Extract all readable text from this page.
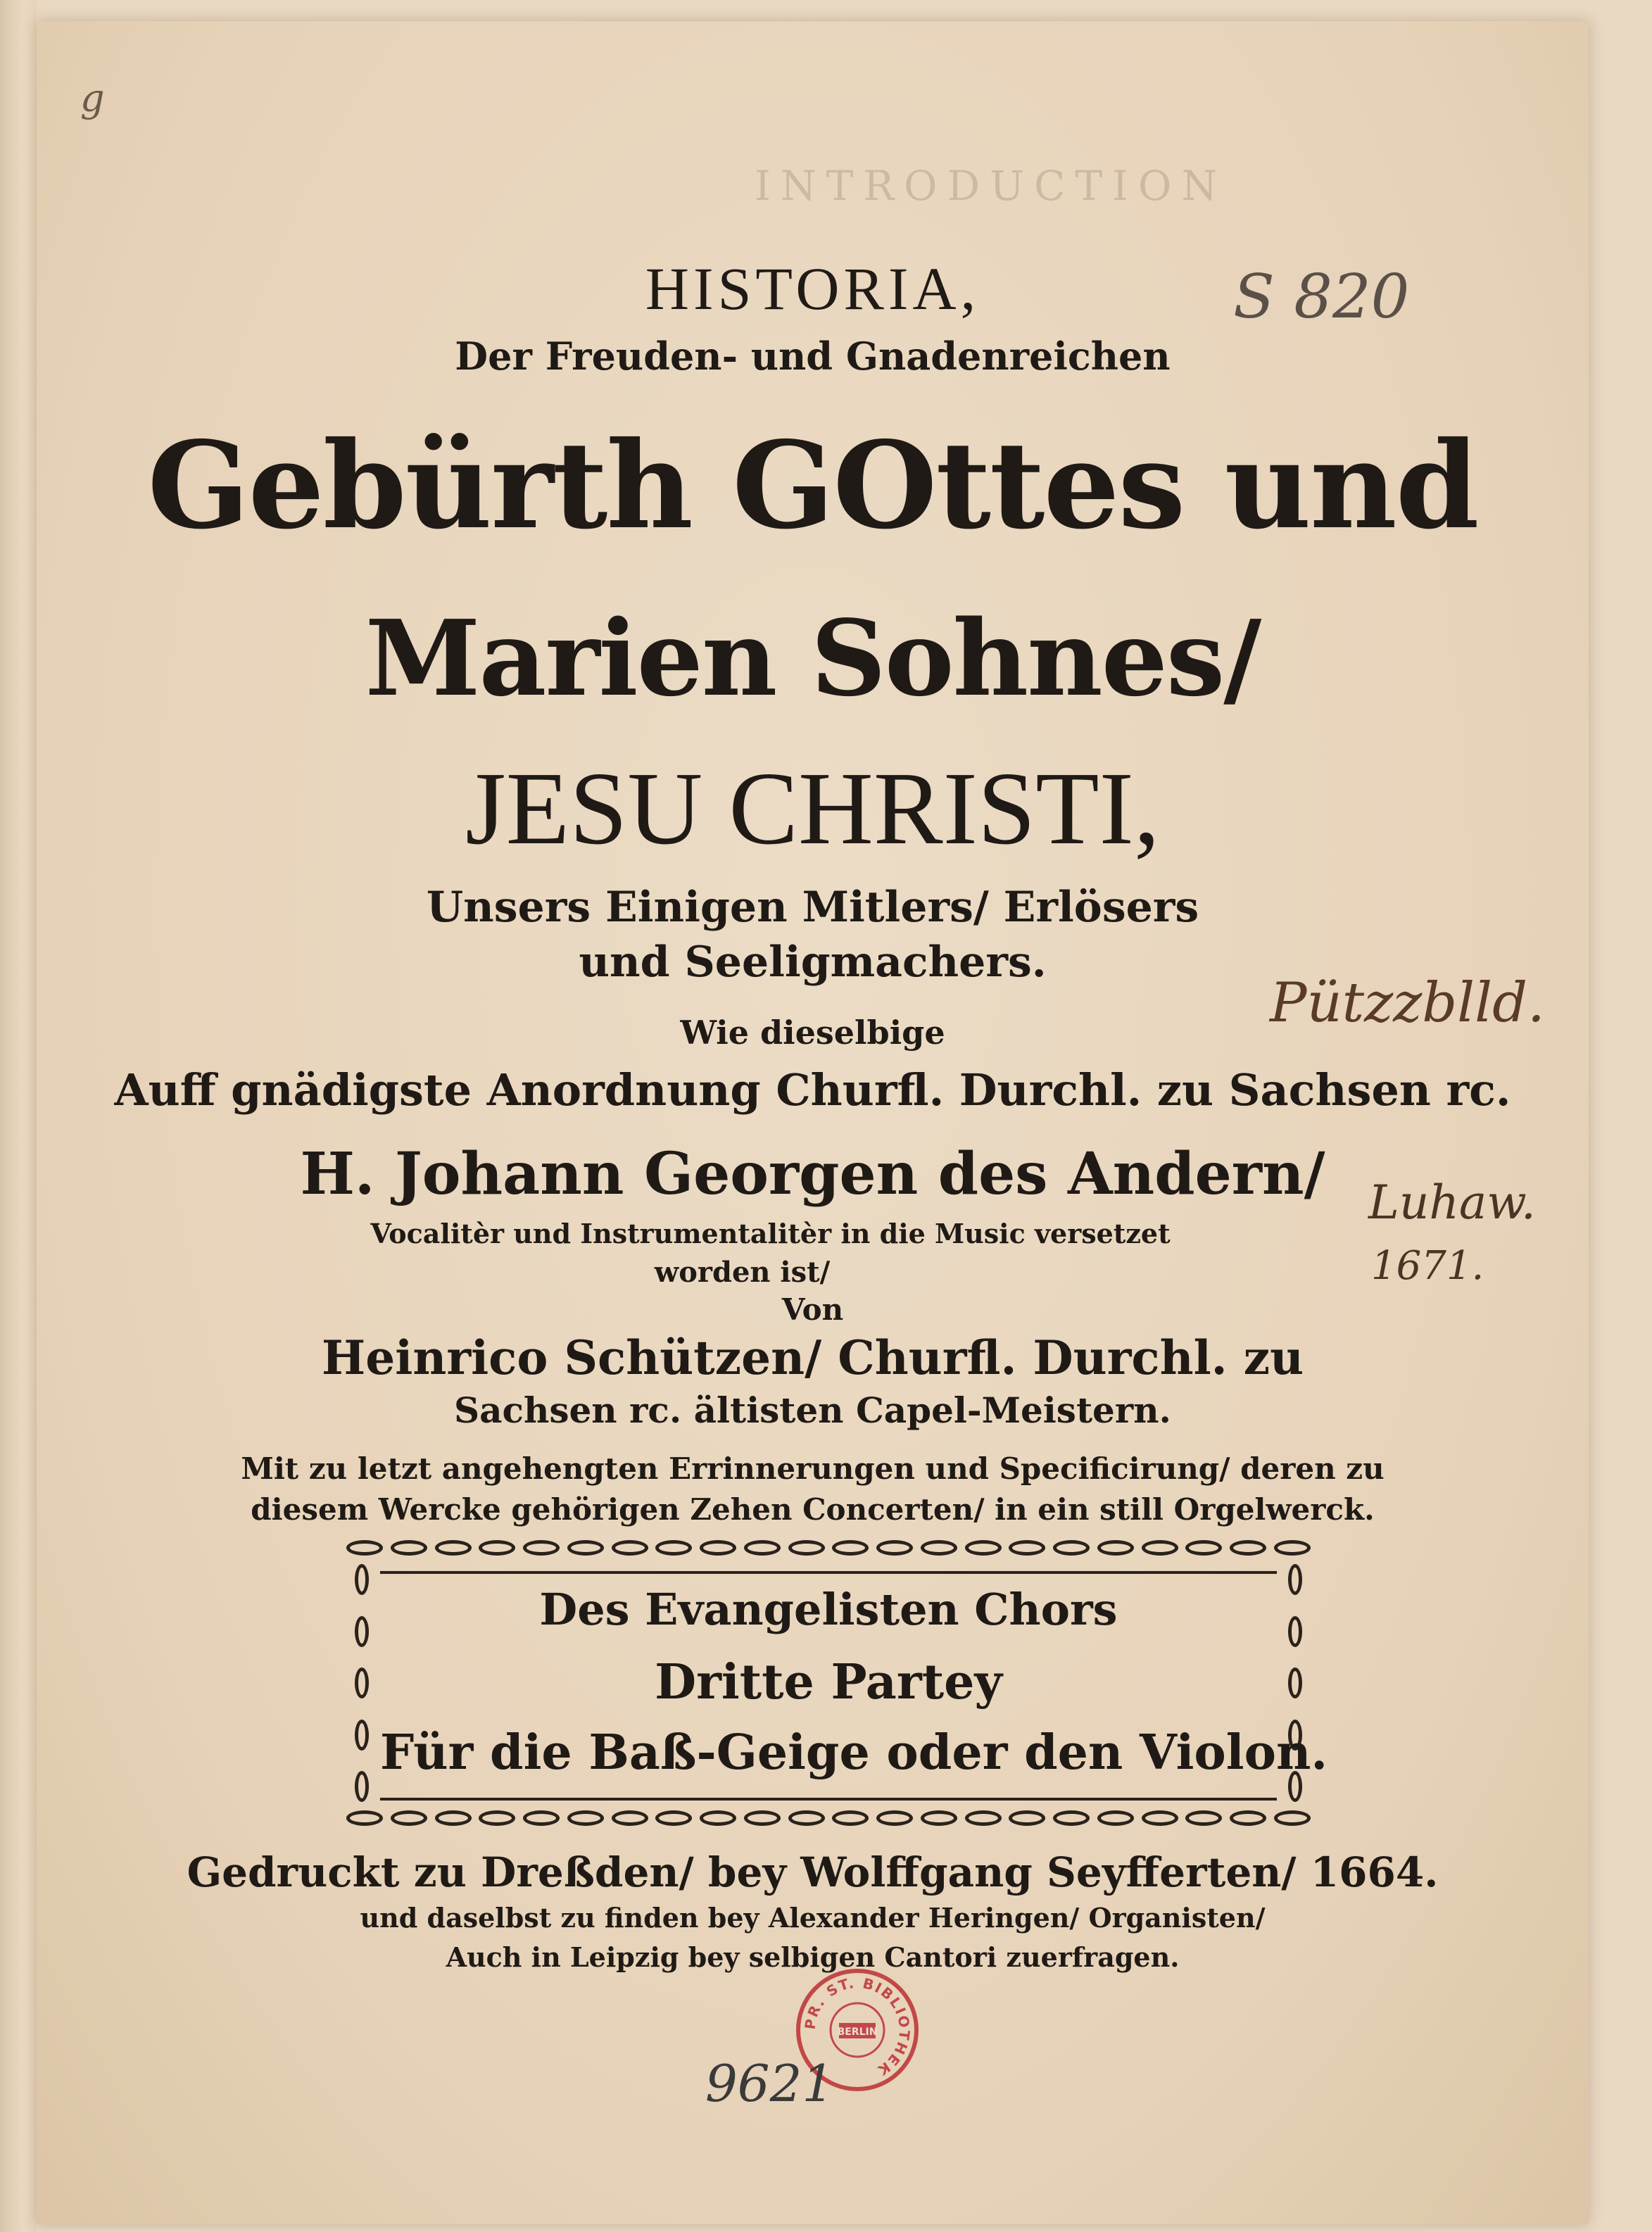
INTRODUCTION
g
S 820
HISTORIA,
Der Freuden- und Gnadenreichen
Gebürth GOttes und
Marien Sohnes/
JESU CHRISTI,
Unsers Einigen Mitlers/ Erlösers
und Seeligmachers.
Pützzblld.
Wie dieselbige
Auff gnädigste Anordnung Churfl. Durchl. zu Sachsen rc.
H. Johann Georgen des Andern/ Luhaw.
Vocalitèr und Instrumentalitèr in die Music versetzet
1671.
worden ist/
Von
Heinrico Schützen/ Churfl. Durchl. zu
Sachsen rc. ältisten Capel-Meistern.
Mit zu letzt angehengten Errinnerungen und Specificirung/ deren zu
diesem Wercke gehörigen Zehen Concerten/ in ein still Orgelwerck.
Des Evangelisten Chors
Dritte Partey
Für die Baß-Geige oder den Violon.
Gedruckt zu Dreßden/ bey Wolffgang Seyfferten/ 1664.
und daselbst zu finden bey Alexander Heringen/ Organisten/
Auch in Leipzig bey selbigen Cantori zuerfragen.
PR. ST. BIBLIOTHEK
BERLIN
9621
